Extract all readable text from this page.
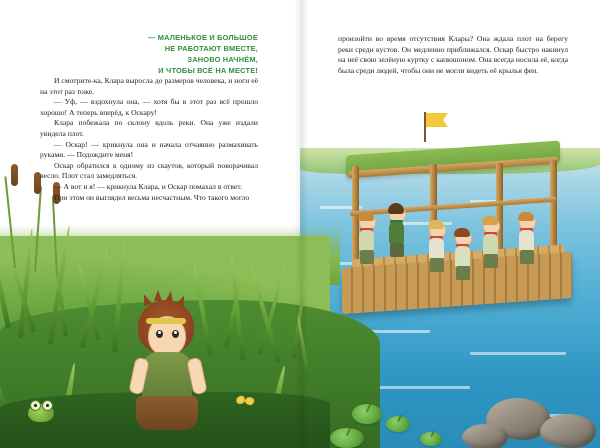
— МАЛЕНЬКОЕ И БОЛЬШОЕ
НЕ РАБОТАЮТ ВМЕСТЕ,
ЗАНОВО НАЧНЁМ,
И ЧТОБЫ ВСЁ НА МЕСТЕ!

И смотрите-ка, Клара выросла до размеров человека, и ноги её на этот раз тоже.

— Уф, — вздохнула она, — хотя бы в этот раз всё прошло хорошо! А теперь вперёд, к Оскару!

Клара побежала по склону вдоль реки. Она уже издали увидела плот.

— Оскар! — крикнула она и начала отчаянно размахивать руками. — Подождите меня!

Оскар обратился к одному из скаутов, который поворачивал весло. Плот стал замедляться.

— А вот и я! — крикнула Клара, и Оскар помахал в ответ.

При этом он выглядел весьма несчастным. Что такого могло

произойти во время отсутствия Клары? Она ждала плот на берегу реки среди кустов. Он медленно приближался. Оскар быстро накинул на неё свою зелёную куртку с капюшоном. Она всегда носила её, когда была среди людей, чтобы они не могли видеть её крылья феи.
